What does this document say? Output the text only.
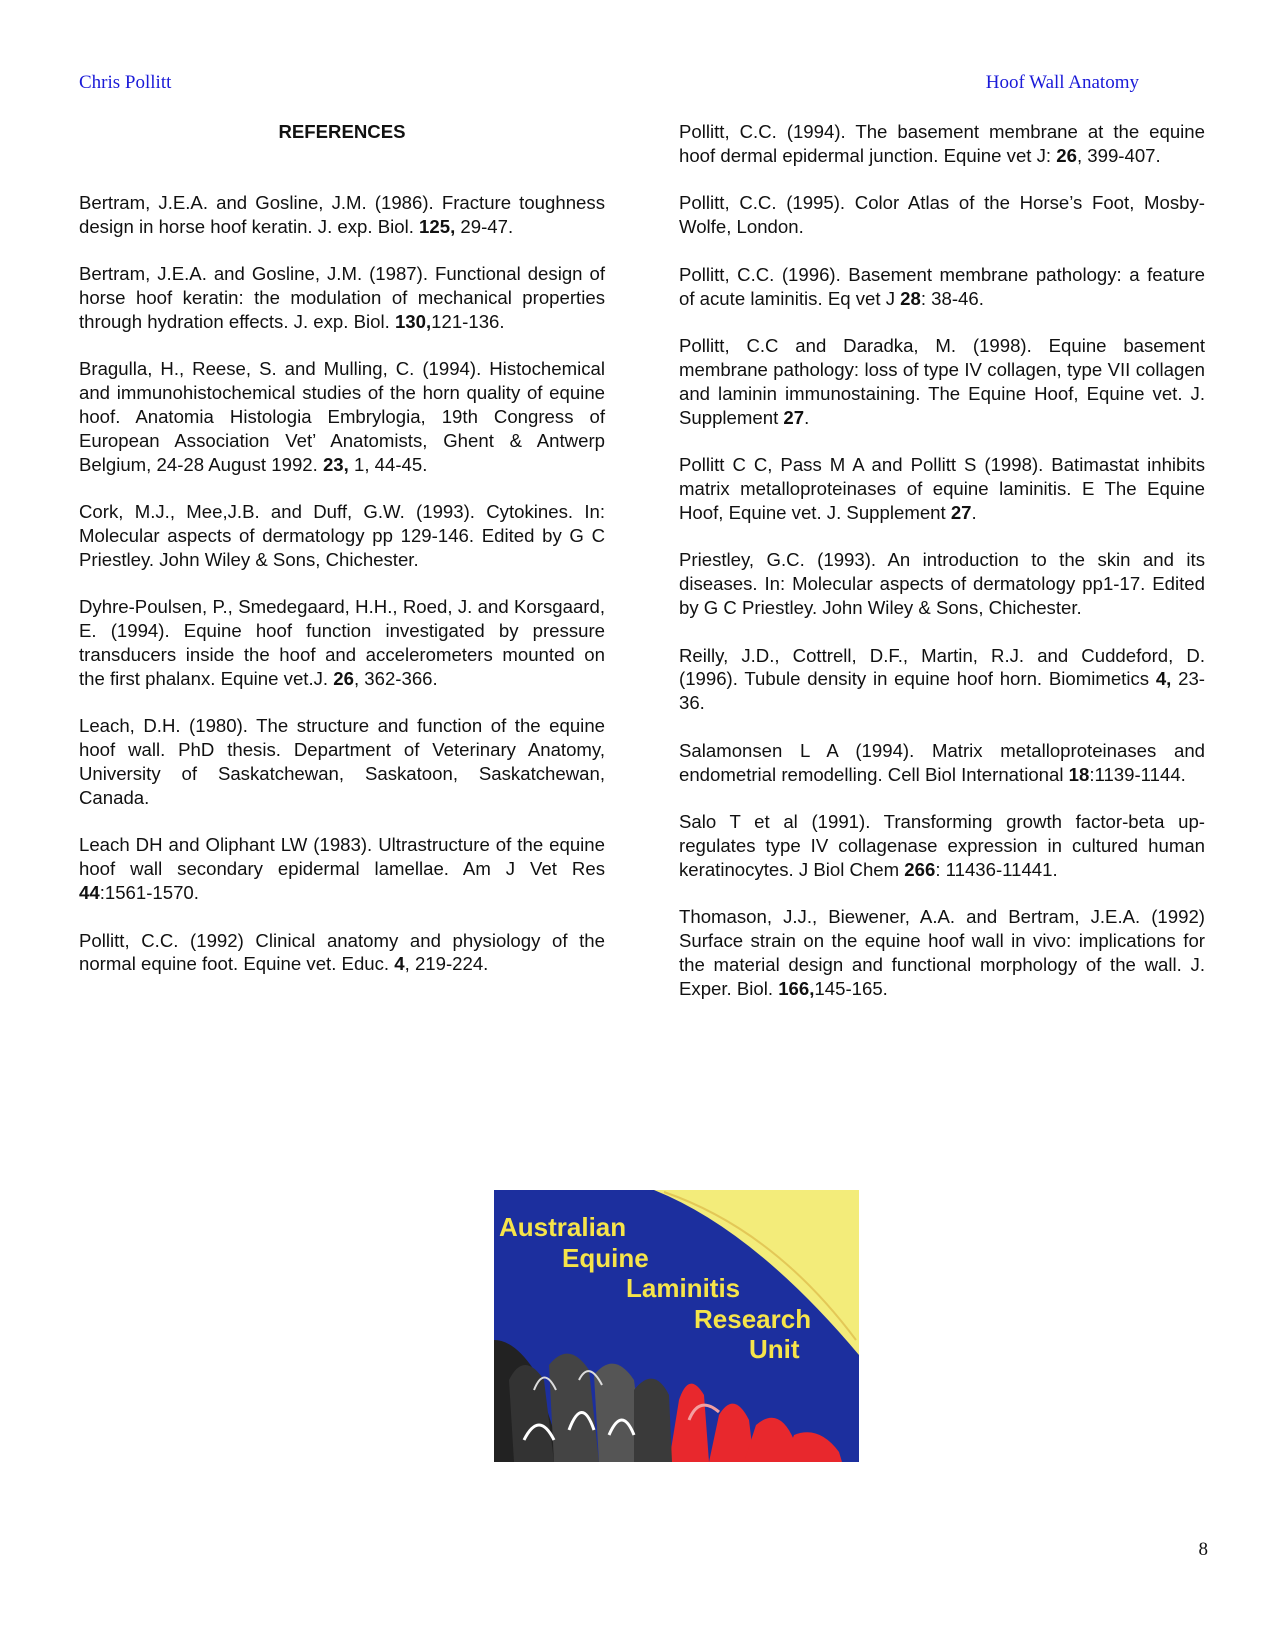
Chris Pollitt	Hoof Wall Anatomy
REFERENCES
Bertram, J.E.A. and Gosline, J.M. (1986). Fracture toughness design in horse hoof keratin. J. exp. Biol. 125, 29-47.
Bertram, J.E.A. and Gosline, J.M. (1987). Functional design of horse hoof keratin: the modulation of mechanical properties through hydration effects. J. exp. Biol. 130,121-136.
Bragulla, H., Reese, S. and Mulling, C. (1994). Histochemical and immunohistochemical studies of the horn quality of equine hoof. Anatomia Histologia Embrylogia, 19th Congress of European Association Vet’ Anatomists, Ghent & Antwerp Belgium, 24-28 August 1992. 23, 1, 44-45.
Cork, M.J., Mee,J.B. and Duff, G.W. (1993). Cytokines. In: Molecular aspects of dermatology pp 129-146. Edited by G C Priestley. John Wiley & Sons, Chichester.
Dyhre-Poulsen, P., Smedegaard, H.H., Roed, J. and Korsgaard, E. (1994). Equine hoof function investigated by pressure transducers inside the hoof and accelerometers mounted on the first phalanx. Equine vet.J. 26, 362-366.
Leach, D.H. (1980). The structure and function of the equine hoof wall. PhD thesis. Department of Veterinary Anatomy, University of Saskatchewan, Saskatoon, Saskatchewan, Canada.
Leach DH and Oliphant LW (1983). Ultrastructure of the equine hoof wall secondary epidermal lamellae. Am J Vet Res 44:1561-1570.
Pollitt, C.C. (1992) Clinical anatomy and physiology of the normal equine foot. Equine vet. Educ. 4, 219-224.
Pollitt, C.C. (1994). The basement membrane at the equine hoof dermal epidermal junction. Equine vet J: 26, 399-407.
Pollitt, C.C. (1995). Color Atlas of the Horse’s Foot, Mosby-Wolfe, London.
Pollitt, C.C. (1996). Basement membrane pathology: a feature of acute laminitis. Eq vet J 28: 38-46.
Pollitt, C.C and Daradka, M. (1998). Equine basement membrane pathology: loss of type IV collagen, type VII collagen and laminin immunostaining. The Equine Hoof, Equine vet. J. Supplement 27.
Pollitt C C, Pass M A and Pollitt S (1998). Batimastat inhibits matrix metalloproteinases of equine laminitis. E The Equine Hoof, Equine vet. J. Supplement 27.
Priestley, G.C. (1993). An introduction to the skin and its diseases. In: Molecular aspects of dermatology pp1-17. Edited by G C Priestley. John Wiley & Sons, Chichester.
Reilly, J.D., Cottrell, D.F., Martin, R.J. and Cuddeford, D. (1996). Tubule density in equine hoof horn. Biomimetics 4, 23-36.
Salamonsen L A (1994). Matrix metalloproteinases and endometrial remodelling. Cell Biol International 18:1139-1144.
Salo T et al (1991). Transforming growth factor-beta up-regulates type IV collagenase expression in cultured human keratinocytes. J Biol Chem 266: 11436-11441.
Thomason, J.J., Biewener, A.A. and Bertram, J.E.A. (1992) Surface strain on the equine hoof wall in vivo: implications for the material design and functional morphology of the wall. J. Exper. Biol. 166,145-165.
Australian
Equine
Laminitis
Research
Unit
8
